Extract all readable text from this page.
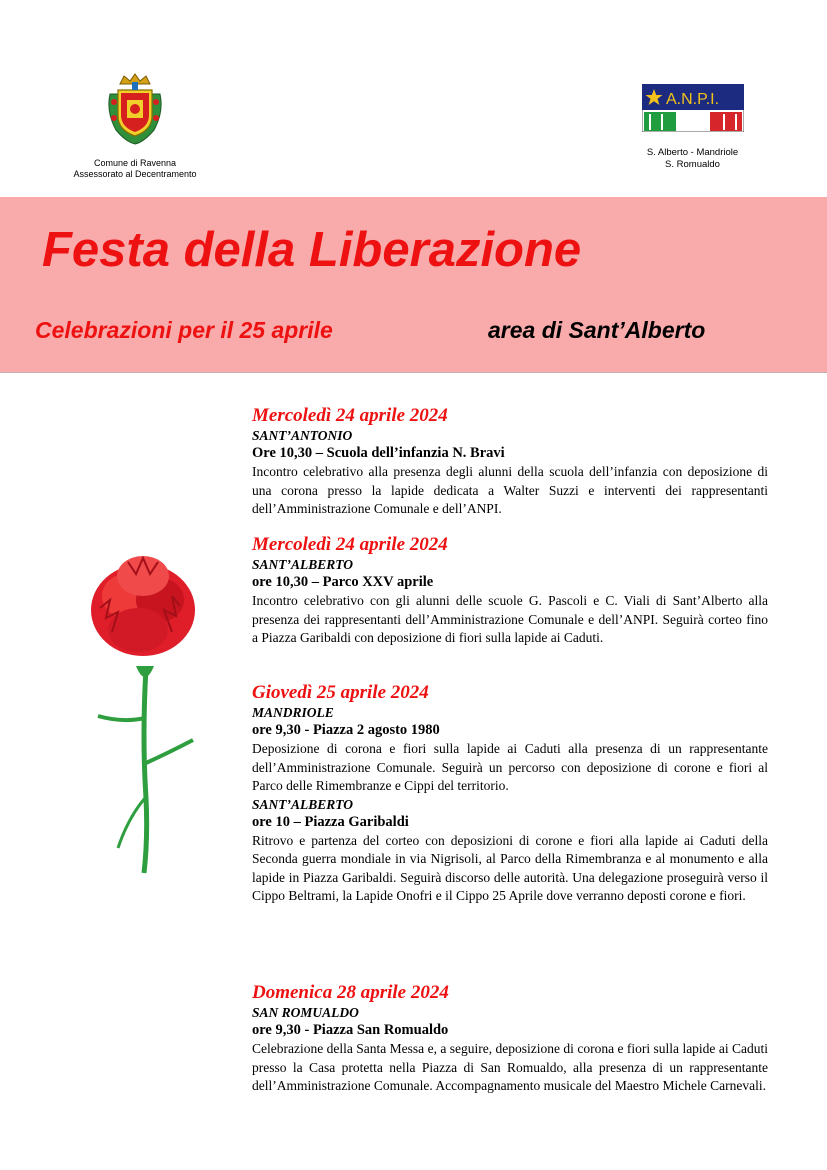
Comune di Ravenna
Assessorato al Decentramento
A.N.P.I.
S. Alberto - Mandriole
S. Romualdo
Festa della Liberazione
Celebrazioni per il 25 aprile	area di Sant’Alberto
Mercoledì 24 aprile 2024
SANT’ANTONIO
Ore 10,30 – Scuola dell’infanzia N. Bravi
Incontro celebrativo alla presenza degli alunni della scuola dell’infanzia con deposizione di una corona presso la lapide dedicata a Walter Suzzi e interventi dei rappresentanti dell’Amministrazione Comunale e dell’ANPI.
Mercoledì 24 aprile 2024
SANT’ALBERTO
ore 10,30 – Parco XXV aprile
Incontro celebrativo con gli alunni delle scuole G. Pascoli e C. Viali di Sant’Alberto alla presenza dei rappresentanti dell’Amministrazione Comunale e dell’ANPI. Seguirà corteo fino a Piazza Garibaldi con deposizione di fiori sulla lapide ai Caduti.
Giovedì 25 aprile 2024
MANDRIOLE
ore 9,30 - Piazza 2 agosto 1980
Deposizione di corona e fiori sulla lapide ai Caduti alla presenza di un rappresentante dell’Amministrazione Comunale. Seguirà un percorso con deposizione di corone e fiori al Parco delle Rimembranze e Cippi del territorio.
SANT’ALBERTO
ore 10 – Piazza Garibaldi
Ritrovo e partenza del corteo con deposizioni di corone e fiori alla lapide ai Caduti della Seconda guerra mondiale in via Nigrisoli, al Parco della Rimembranza e al monumento e alla lapide in Piazza Garibaldi. Seguirà discorso delle autorità. Una delegazione proseguirà verso il Cippo Beltrami, la Lapide Onofri e il Cippo 25 Aprile dove verranno deposti corone e fiori.
Domenica 28 aprile 2024
SAN ROMUALDO
ore 9,30 - Piazza San Romualdo
Celebrazione della Santa Messa e, a seguire, deposizione di corona e fiori sulla lapide ai Caduti presso la Casa protetta nella Piazza di San Romualdo, alla presenza di un rappresentante dell’Amministrazione Comunale. Accompagnamento musicale del Maestro Michele Carnevali.
